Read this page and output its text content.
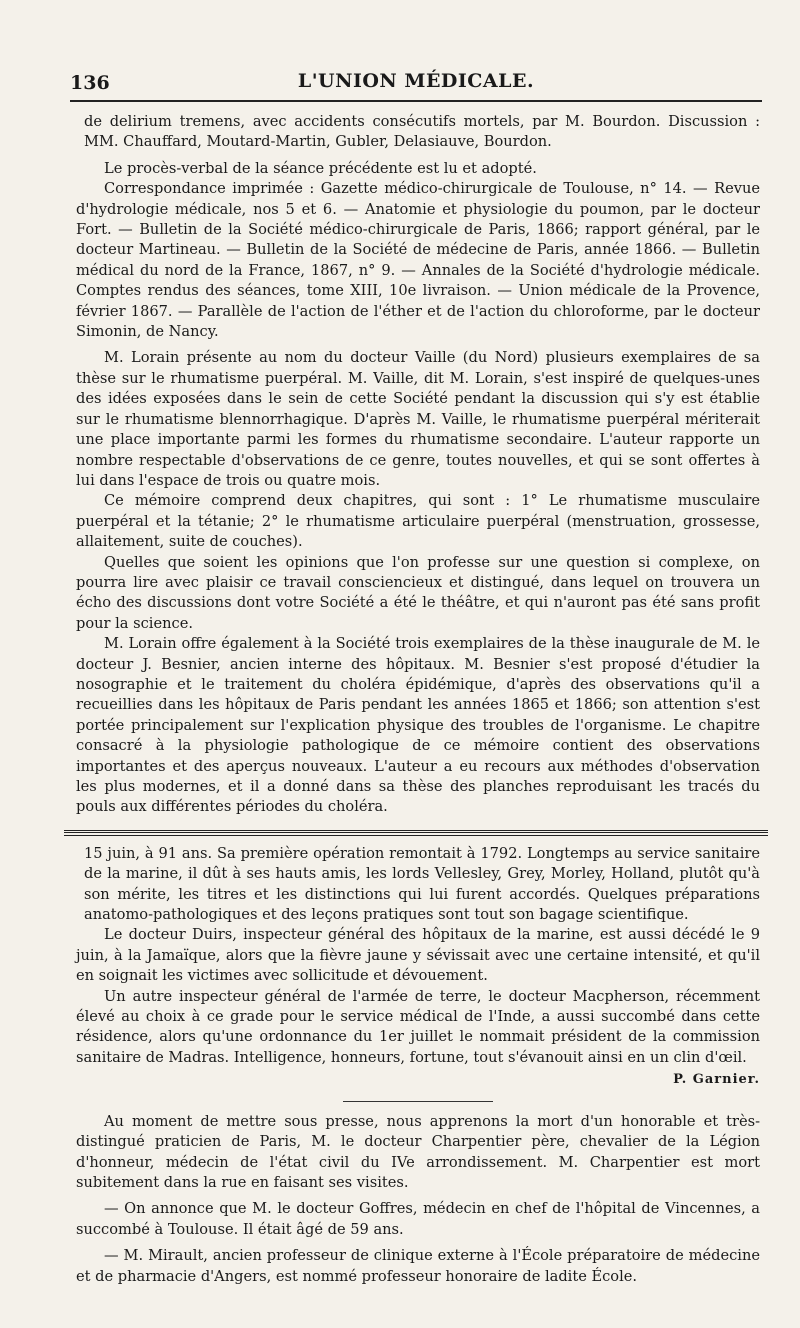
136	L'UNION MÉDICALE.

de delirium tremens, avec accidents consécutifs mortels, par M. Bourdon. Discussion : MM. Chauffard, Moutard-Martin, Gubler, Delasiauve, Bourdon.

Le procès-verbal de la séance précédente est lu et adopté.

Correspondance imprimée : Gazette médico-chirurgicale de Toulouse, n° 14. — Revue d'hydrologie médicale, nos 5 et 6. — Anatomie et physiologie du poumon, par le docteur Fort. — Bulletin de la Société médico-chirurgicale de Paris, 1866; rapport général, par le docteur Martineau. — Bulletin de la Société de médecine de Paris, année 1866. — Bulletin médical du nord de la France, 1867, n° 9. — Annales de la Société d'hydrologie médicale. Comptes rendus des séances, tome XIII, 10e livraison. — Union médicale de la Provence, février 1867. — Parallèle de l'action de l'éther et de l'action du chloroforme, par le docteur Simonin, de Nancy.

M. Lorain présente au nom du docteur Vaille (du Nord) plusieurs exemplaires de sa thèse sur le rhumatisme puerpéral. M. Vaille, dit M. Lorain, s'est inspiré de quelques-unes des idées exposées dans le sein de cette Société pendant la discussion qui s'y est établie sur le rhumatisme blennorrhagique. D'après M. Vaille, le rhumatisme puerpéral mériterait une place importante parmi les formes du rhumatisme secondaire. L'auteur rapporte un nombre respectable d'observations de ce genre, toutes nouvelles, et qui se sont offertes à lui dans l'espace de trois ou quatre mois.

Ce mémoire comprend deux chapitres, qui sont : 1° Le rhumatisme musculaire puerpéral et la tétanie; 2° le rhumatisme articulaire puerpéral (menstruation, grossesse, allaitement, suite de couches).

Quelles que soient les opinions que l'on professe sur une question si complexe, on pourra lire avec plaisir ce travail consciencieux et distingué, dans lequel on trouvera un écho des discussions dont votre Société a été le théâtre, et qui n'auront pas été sans profit pour la science.

M. Lorain offre également à la Société trois exemplaires de la thèse inaugurale de M. le docteur J. Besnier, ancien interne des hôpitaux. M. Besnier s'est proposé d'étudier la nosographie et le traitement du choléra épidémique, d'après des observations qu'il a recueillies dans les hôpitaux de Paris pendant les années 1865 et 1866; son attention s'est portée principalement sur l'explication physique des troubles de l'organisme. Le chapitre consacré à la physiologie pathologique de ce mémoire contient des observations importantes et des aperçus nouveaux. L'auteur a eu recours aux méthodes d'observation les plus modernes, et il a donné dans sa thèse des planches reproduisant les tracés du pouls aux différentes périodes du choléra.

15 juin, à 91 ans. Sa première opération remontait à 1792. Longtemps au service sanitaire de la marine, il dût à ses hauts amis, les lords Vellesley, Grey, Morley, Holland, plutôt qu'à son mérite, les titres et les distinctions qui lui furent accordés. Quelques préparations anatomo-pathologiques et des leçons pratiques sont tout son bagage scientifique.

Le docteur Duirs, inspecteur général des hôpitaux de la marine, est aussi décédé le 9 juin, à la Jamaïque, alors que la fièvre jaune y sévissait avec une certaine intensité, et qu'il en soignait les victimes avec sollicitude et dévouement.

Un autre inspecteur général de l'armée de terre, le docteur Macpherson, récemment élevé au choix à ce grade pour le service médical de l'Inde, a aussi succombé dans cette résidence, alors qu'une ordonnance du 1er juillet le nommait président de la commission sanitaire de Madras. Intelligence, honneurs, fortune, tout s'évanouit ainsi en un clin d'œil.

P. Garnier.

Au moment de mettre sous presse, nous apprenons la mort d'un honorable et très-distingué praticien de Paris, M. le docteur Charpentier père, chevalier de la Légion d'honneur, médecin de l'état civil du IVe arrondissement. M. Charpentier est mort subitement dans la rue en faisant ses visites.

— On annonce que M. le docteur Goffres, médecin en chef de l'hôpital de Vincennes, a succombé à Toulouse. Il était âgé de 59 ans.

— M. Mirault, ancien professeur de clinique externe à l'École préparatoire de médecine et de pharmacie d'Angers, est nommé professeur honoraire de ladite École.
